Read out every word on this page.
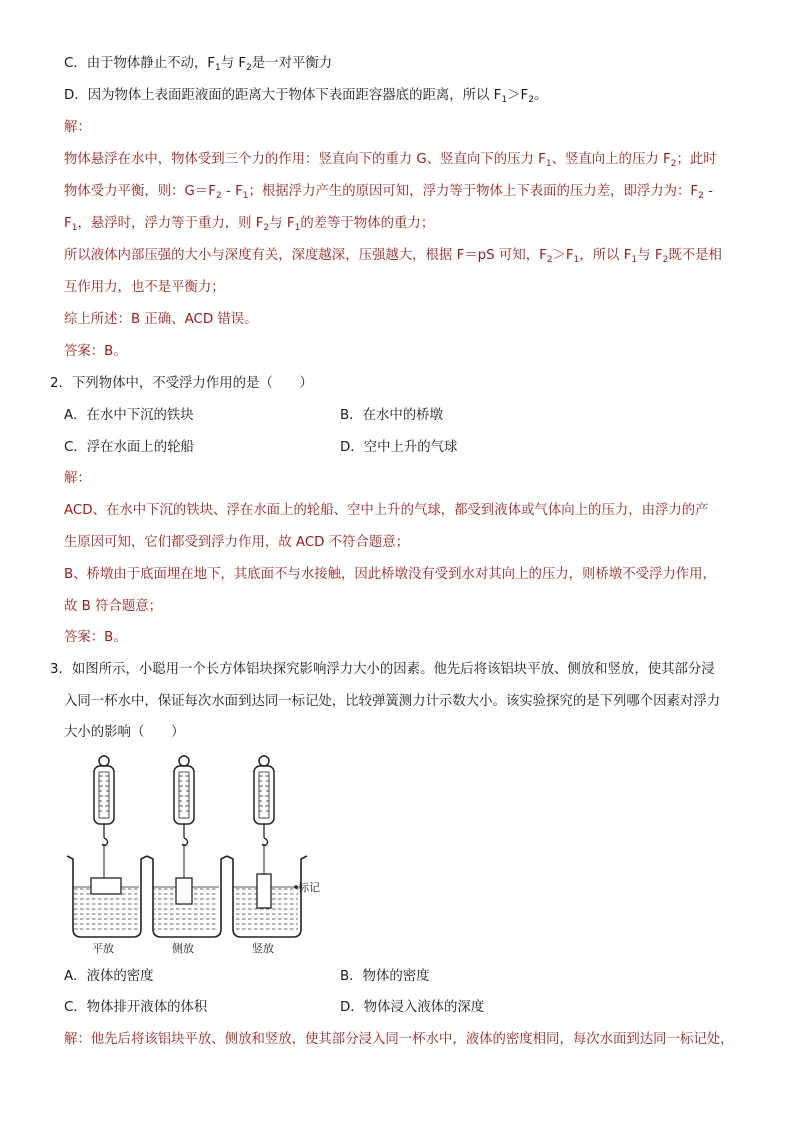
C．由于物体静止不动，$F_1$与 $F_2$是一对平衡力
D．因为物体上表面距液面的距离大于物体下表面距容器底的距离，所以 $F_1>F_2$。
解：
物体悬浮在水中，物体受到三个力的作用：竖直向下的重力 G、竖直向下的压力 $F_1$、竖直向上的压力 $F_2$；此时
物体受力平衡，则：$G=F_2 - F_1$；根据浮力产生的原因可知，浮力等于物体上下表面的压力差，即浮力为：$F_2$ -
$F_1$，悬浮时，浮力等于重力，则 $F_2$与 $F_1$的差等于物体的重力；
所以液体内部压强的大小与深度有关，深度越深，压强越大，根据 F＝pS 可知，$F_2>F_1$，所以 $F_1$与 $F_2$既不是相
互作用力，也不是平衡力；
综上所述：B 正确、ACD 错误。
答案：B。
2．下列物体中，不受浮力作用的是（　　）
A．在水中下沉的铁块	B．在水中的桥墩
C．浮在水面上的轮船	D．空中上升的气球
解：
ACD、在水中下沉的铁块、浮在水面上的轮船、空中上升的气球，都受到液体或气体向上的压力，由浮力的产
生原因可知，它们都受到浮力作用，故 ACD 不符合题意；
B、桥墩由于底面埋在地下，其底面不与水接触，因此桥墩没有受到水对其向上的压力，则桥墩不受浮力作用，
故 B 符合题意；
答案：B。
3．如图所示，小聪用一个长方体铝块探究影响浮力大小的因素。他先后将该铝块平放、侧放和竖放，使其部分浸
入同一杯水中，保证每次水面到达同一标记处，比较弹簧测力计示数大小。该实验探究的是下列哪个因素对浮力
大小的影响（　　）
平放	侧放
标记
竖放
A．液体的密度	B．物体的密度
C．物体排开液体的体积	D．物体浸入液体的深度
解：他先后将该铝块平放、侧放和竖放，使其部分浸入同一杯水中，液体的密度相同，每次水面到达同一标记处，
